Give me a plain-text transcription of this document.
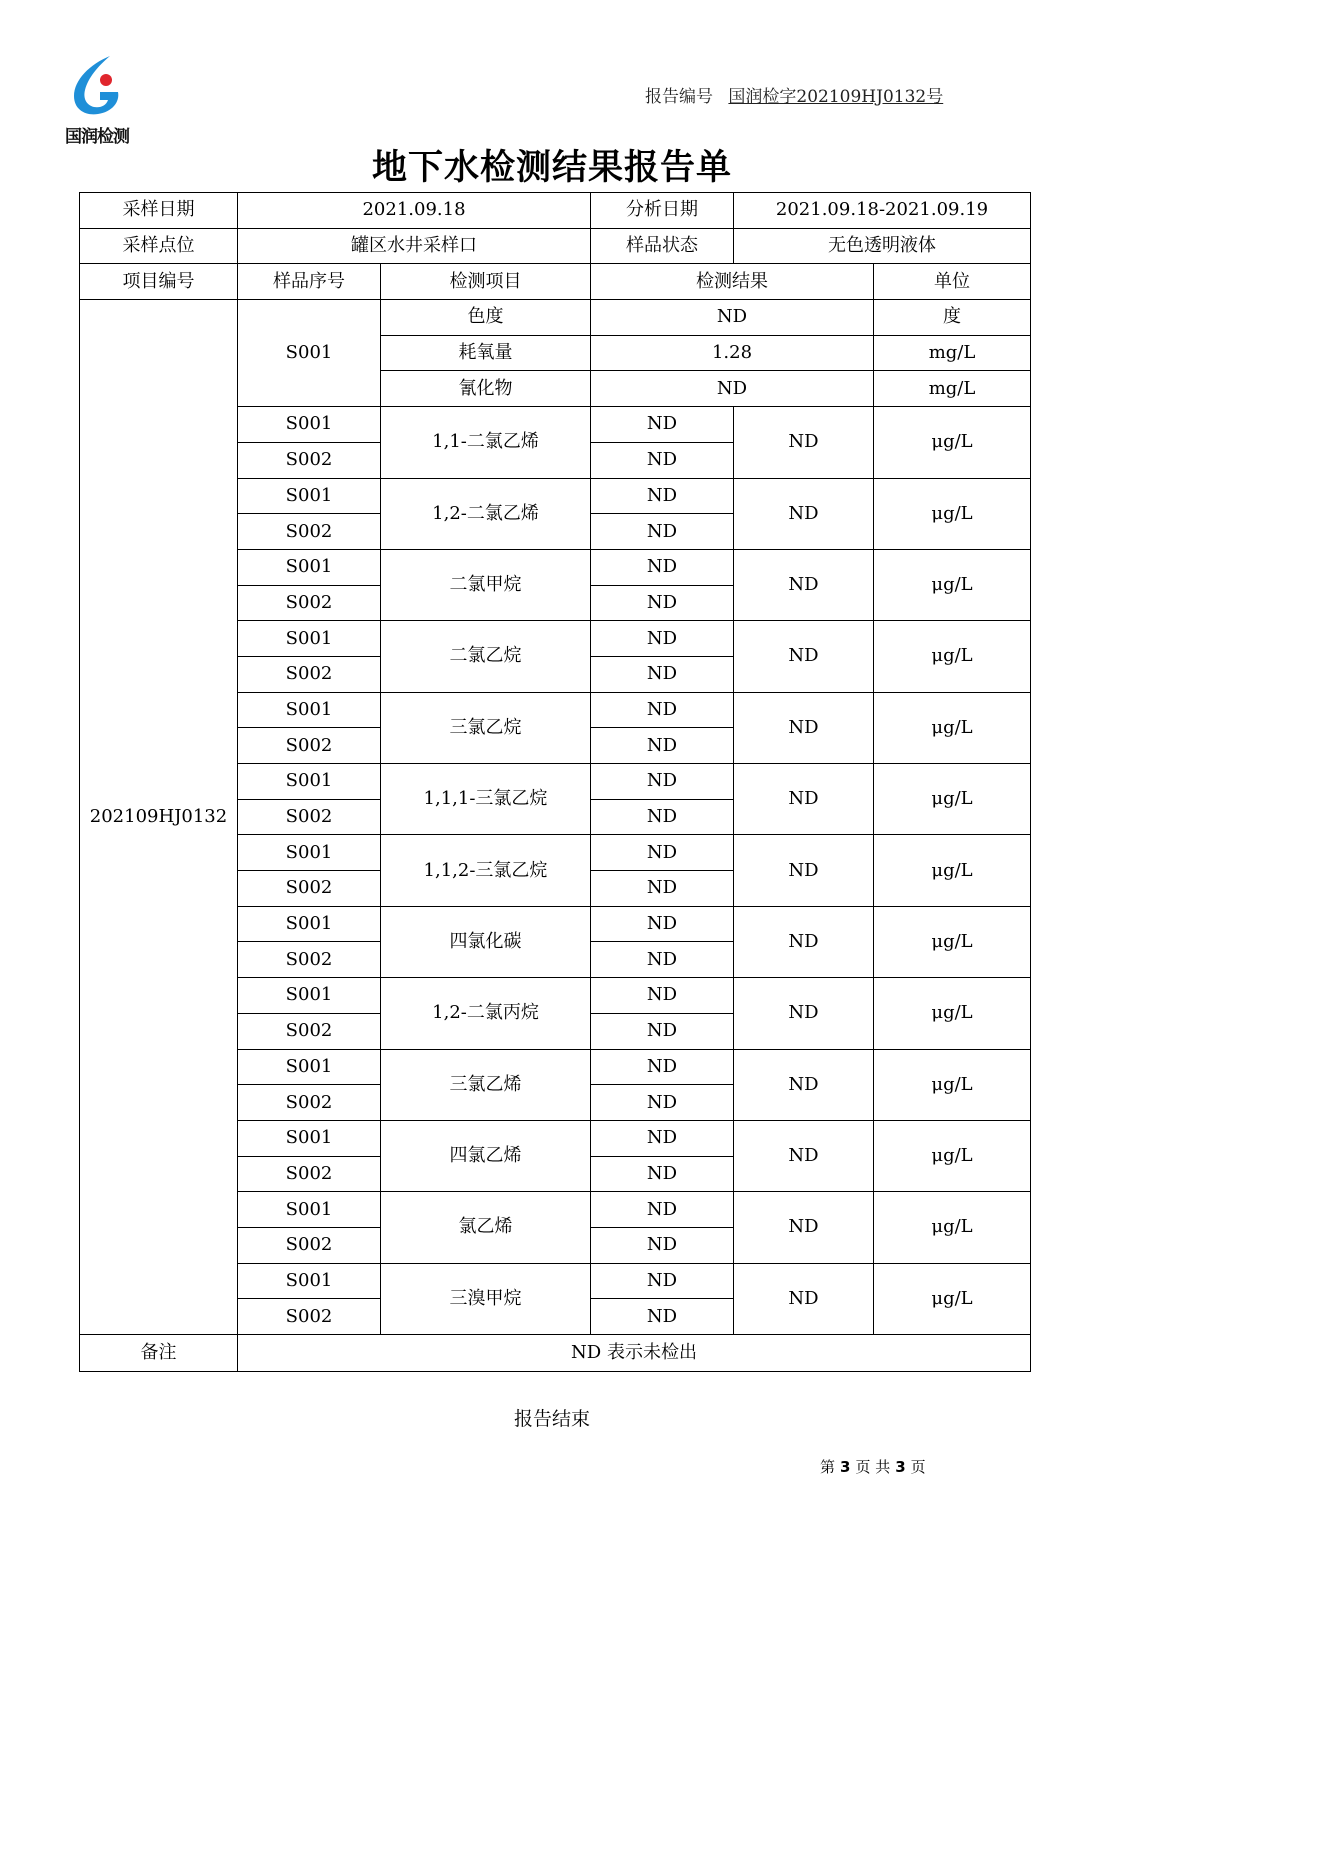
国润检测
报告编号 国润检字202109HJ0132号
地下水检测结果报告单
采样日期	2021.09.18		分析日期	2021.09.18-2021.09.19	
采样点位	罐区水井采样口		样品状态	无色透明液体	
项目编号	样品序号	检测项目	检测结果		单位
202109HJ0132	S001	色度	ND		度
		耗氧量	1.28		mg/L
		氰化物	ND		mg/L
	S001	1,1-二氯乙烯	ND	ND	μg/L
	S002		ND		
	S001	1,2-二氯乙烯	ND	ND	μg/L
	S002		ND		
	S001	二氯甲烷	ND	ND	μg/L
	S002		ND		
	S001	二氯乙烷	ND	ND	μg/L
	S002		ND		
	S001	三氯乙烷	ND	ND	μg/L
	S002		ND		
	S001	1,1,1-三氯乙烷	ND	ND	μg/L
	S002		ND		
	S001	1,1,2-三氯乙烷	ND	ND	μg/L
	S002		ND		
	S001	四氯化碳	ND	ND	μg/L
	S002		ND		
	S001	1,2-二氯丙烷	ND	ND	μg/L
	S002		ND		
	S001	三氯乙烯	ND	ND	μg/L
	S002		ND		
	S001	四氯乙烯	ND	ND	μg/L
	S002		ND		
	S001	氯乙烯	ND	ND	μg/L
	S002		ND		
	S001	三溴甲烷	ND	ND	μg/L
	S002		ND		
备注	ND 表示未检出				
报告结束
第 3 页 共 3 页
